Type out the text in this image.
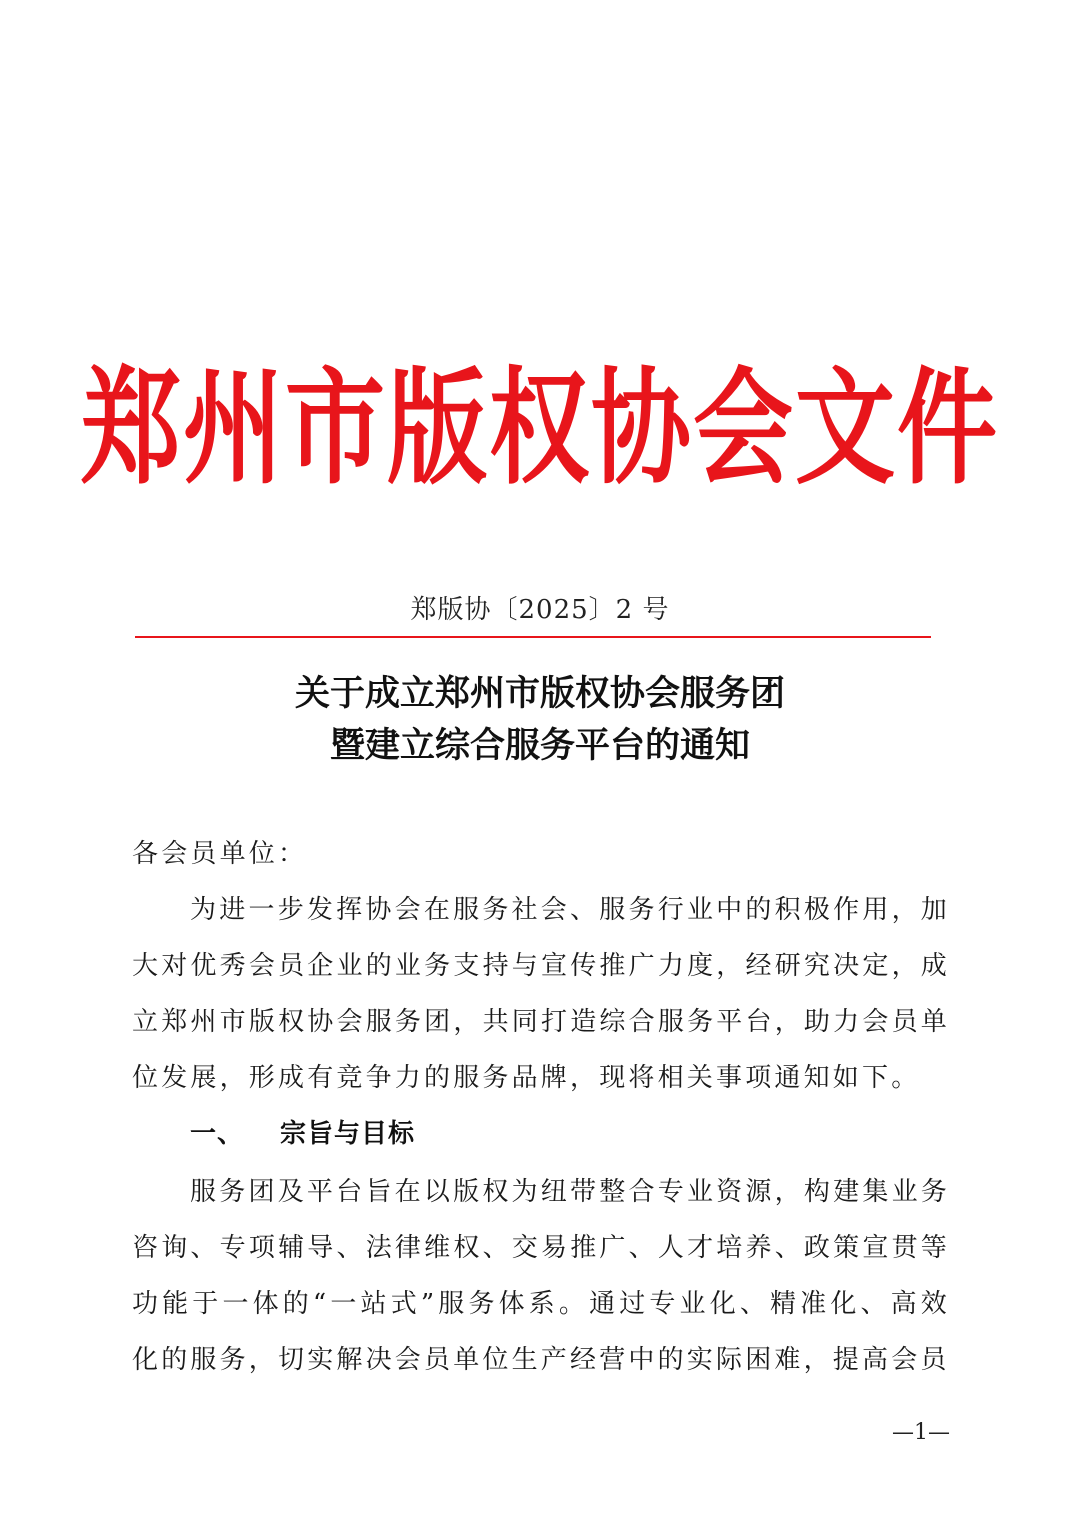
郑州市版权协会文件
郑版协〔2025〕2 号
关于成立郑州市版权协会服务团
暨建立综合服务平台的通知

各会员单位：

为进一步发挥协会在服务社会、服务行业中的积极作用，加大对优秀会员企业的业务支持与宣传推广力度，经研究决定，成立郑州市版权协会服务团，共同打造综合服务平台，助力会员单位发展，形成有竞争力的服务品牌，现将相关事项通知如下。

一、 宗旨与目标

服务团及平台旨在以版权为纽带整合专业资源，构建集业务咨询、专项辅导、法律维权、交易推广、人才培养、政策宣贯等功能于一体的“一站式”服务体系。通过专业化、精准化、高效化的服务，切实解决会员单位生产经营中的实际困难，提高会员

—1—
